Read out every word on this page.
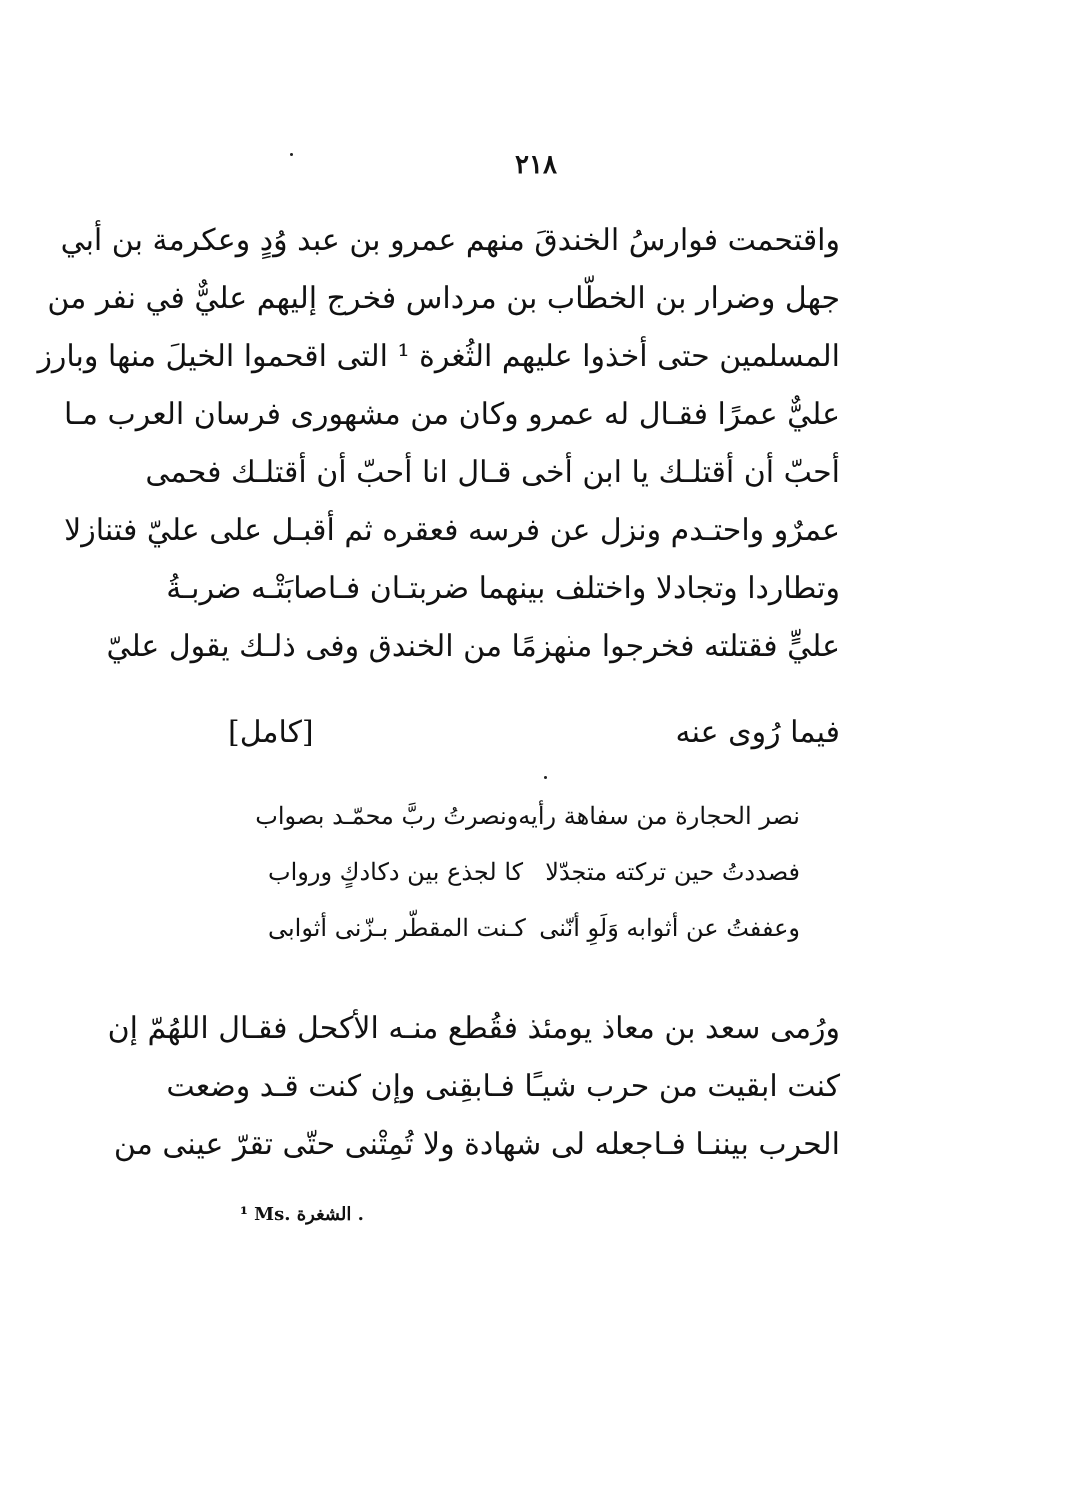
٢١٨
واقتحمت فوارسُ الخندقَ منهم عمرو بن عبد وُدٍ وعكرمة بن أبي
جهل وضرار بن الخطّاب بن مرداس فخرج إليهم عليٌّ في نفر من
المسلمين حتى أخذوا عليهم الثُغرة ¹ التى اقحموا الخيلَ منها وبارز
عليٌّ عمرًا فقـال له عمرو وكان من مشهورى فرسان العرب مـا
أحبّ أن أقتلـك يا ابن أخى قـال انا أحبّ أن أقتلـك فحمى
عمرٌو واحتـدم ونزل عن فرسه فعقره ثم أقبـل على عليّ فتنازلا
وتطاردا وتجادلا واختلف بينهما ضربتـان فـاصابَتْـه ضربـةُ
عليٍّ فقتلته فخرجوا منهزمًا من الخندق وفى ذلـك يقول عليّ
فيما رُوى عنه
[كامل]
نصر الحجارة من سفاهة رأيه
ونصرتُ ربَّ محمّـد بصواب
فصددتُ حين تركته متجدّلا
كا لجذع بين دكادكٍ ورواب
وعففتُ عن أثوابه وَلَوِ أنّنى
كـنت المقطّر بـزّنى أثوابى
ورُمى سعد بن معاذ يومئذ فقُطع منـه الأكحل فقـال اللهُمّ إن
كنت ابقيت من حرب شيـًا فـابقِنى وإن كنت قـد وضعت
الحرب بيننـا فـاجعله لى شهادة ولا تُمِتْنى حتّى تقرّ عينى من
¹ Ms. الشغرة .
